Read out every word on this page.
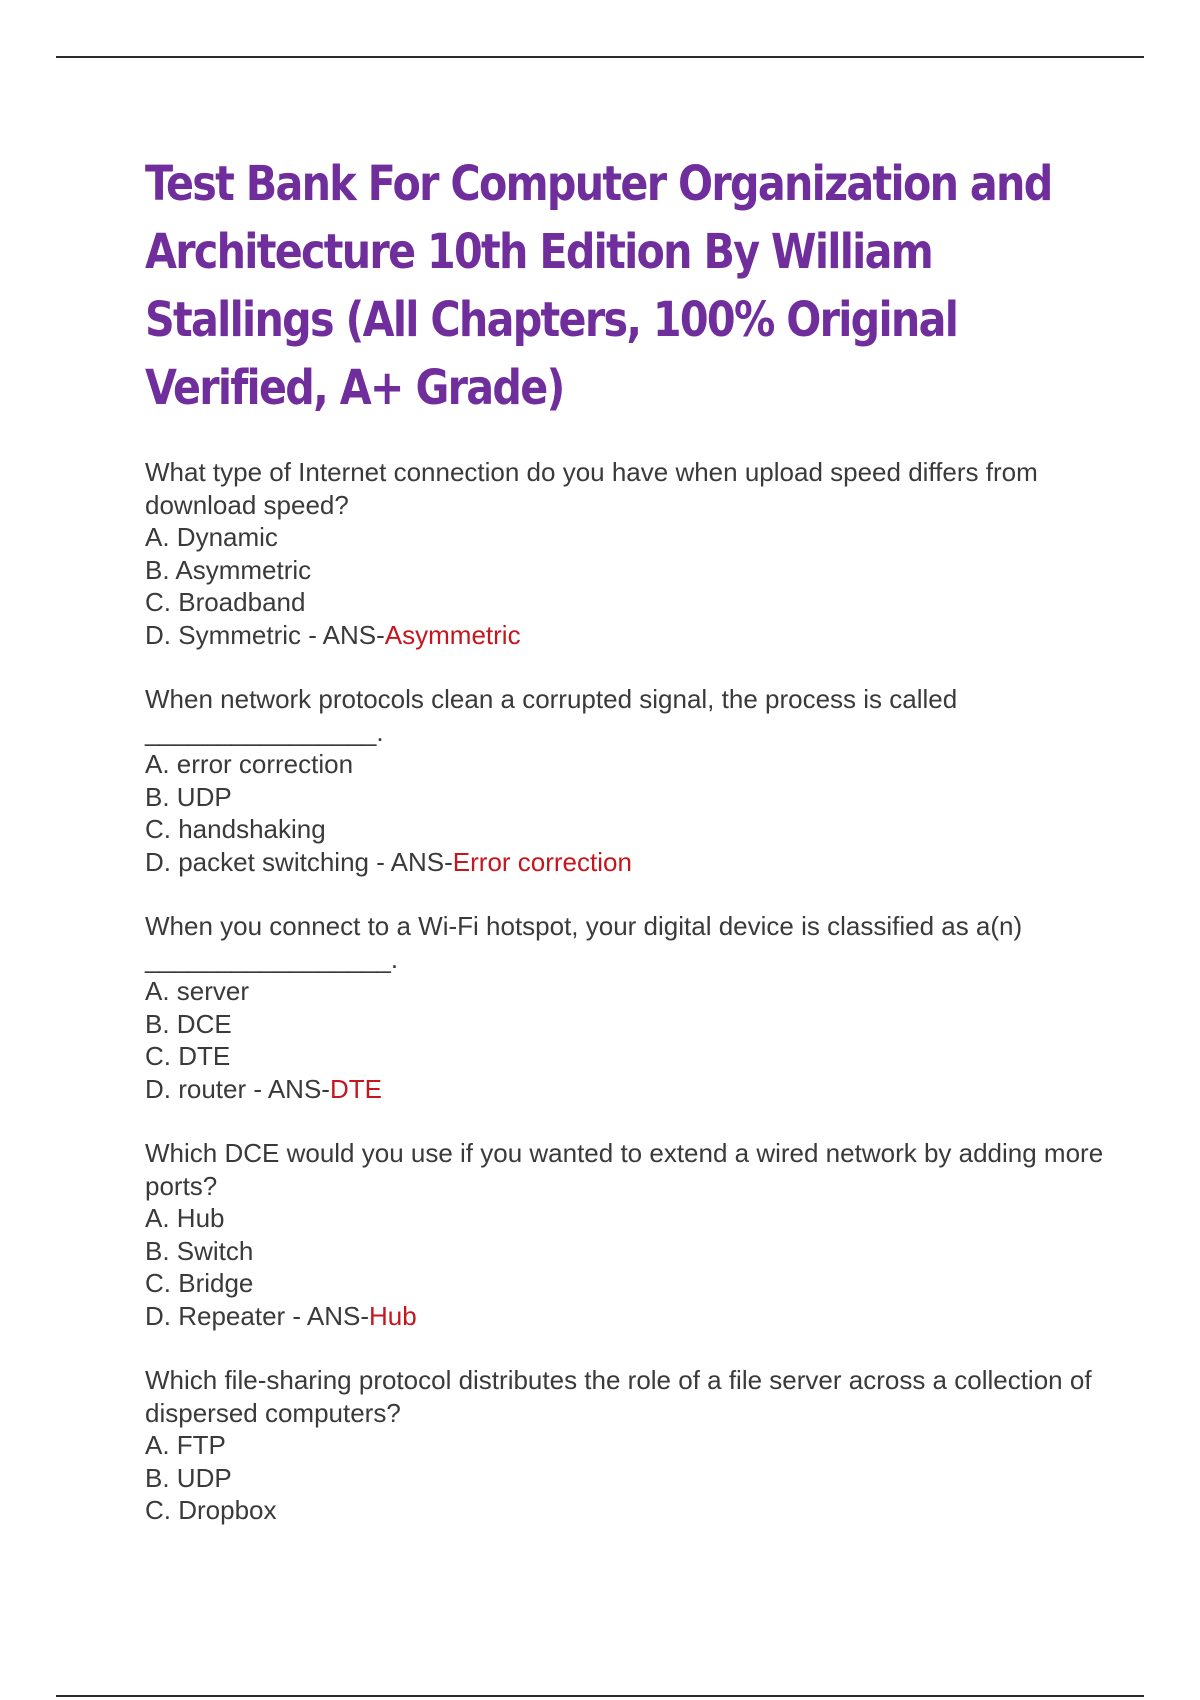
Test Bank For Computer Organization and Architecture 10th Edition By William Stallings (All Chapters, 100% Original Verified, A+ Grade)
What type of Internet connection do you have when upload speed differs from download speed?
A. Dynamic
B. Asymmetric
C. Broadband
D. Symmetric - ANS-Asymmetric
When network protocols clean a corrupted signal, the process is called ________________.
A. error correction
B. UDP
C. handshaking
D. packet switching - ANS-Error correction
When you connect to a Wi-Fi hotspot, your digital device is classified as a(n) _________________.
A. server
B. DCE
C. DTE
D. router - ANS-DTE
Which DCE would you use if you wanted to extend a wired network by adding more ports?
A. Hub
B. Switch
C. Bridge
D. Repeater - ANS-Hub
Which file-sharing protocol distributes the role of a file server across a collection of dispersed computers?
A. FTP
B. UDP
C. Dropbox
